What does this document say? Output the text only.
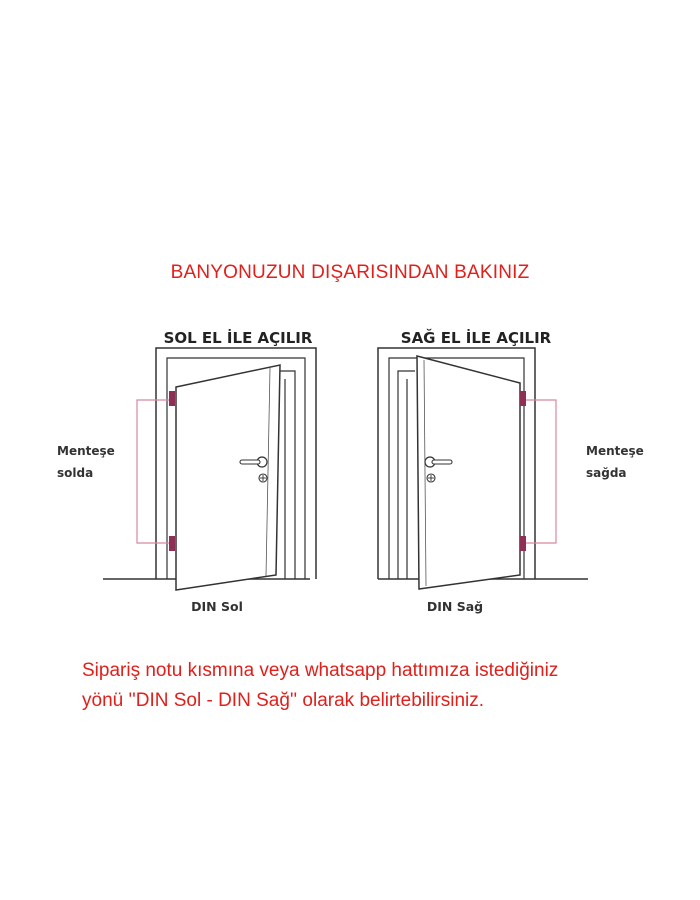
BANYONUZUN DIŞARISINDAN BAKINIZ
SOL EL İLE AÇILIR
Menteşe
solda
DIN Sol
SAĞ EL İLE AÇILIR
Menteşe
sağda
DIN Sağ
Sipariş notu kısmına veya whatsapp hattımıza istediğiniz
yönü ''DIN Sol - DIN Sağ'' olarak belirtebilirsiniz.
